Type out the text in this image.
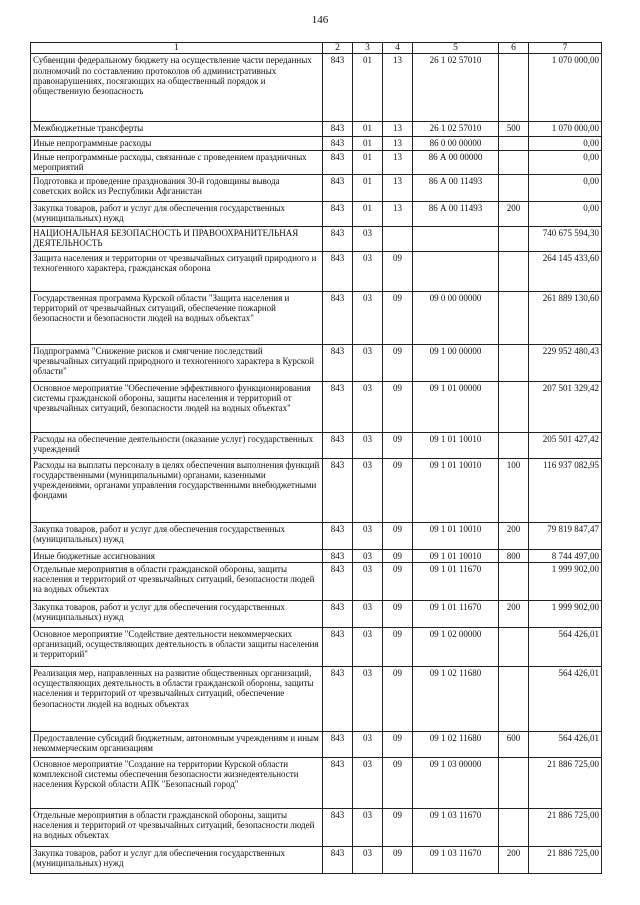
146
1	2	3	4	5	6	7
Субвенции федеральному бюджету на осуществление части переданных полномочий по составлению протоколов об административных правонарушениях, посягающих на общественный порядок и общественную безопасность	843	01	13	26 1 02 57010		1 070 000,00
Межбюджетные трансферты	843	01	13	26 1 02 57010	500	1 070 000,00
Иные непрограммные расходы	843	01	13	86 0 00 00000		0,00
Иные непрограммные расходы, связанные с проведением праздничных мероприятий	843	01	13	86 А 00 00000		0,00
Подготовка и проведение празднования 30-й годовщины вывода советских войск из Республики Афганистан	843	01	13	86 А 00 11493		0,00
Закупка товаров, работ и услуг для обеспечения государственных (муниципальных) нужд	843	01	13	86 А 00 11493	200	0,00
НАЦИОНАЛЬНАЯ БЕЗОПАСНОСТЬ И ПРАВООХРАНИТЕЛЬНАЯ ДЕЯТЕЛЬНОСТЬ	843	03				740 675 594,30
Защита населения и территории от чрезвычайных ситуаций природного и техногенного характера, гражданская оборона	843	03	09			264 145 433,60
Государственная программа Курской области "Защита населения и территорий от чрезвычайных ситуаций, обеспечение пожарной безопасности и безопасности людей на водных объектах"	843	03	09	09 0 00 00000		261 889 130,60
Подпрограмма "Снижение рисков и смягчение последствий чрезвычайных ситуаций природного и техногенного характера в Курской области"	843	03	09	09 1 00 00000		229 952 480,43
Основное мероприятие "Обеспечение эффективного функционирования системы гражданской обороны, защиты населения и территорий от чрезвычайных ситуаций, безопасности людей на водных объектах"	843	03	09	09 1 01 00000		207 501 329,42
Расходы на обеспечение деятельности (оказание услуг) государственных учреждений	843	03	09	09 1 01 10010		205 501 427,42
Расходы на выплаты персоналу в целях обеспечения выполнения функций государственными (муниципальными) органами, казенными учреждениями, органами управления государственными внебюджетными фондами	843	03	09	09 1 01 10010	100	116 937 082,95
Закупка товаров, работ и услуг для обеспечения государственных (муниципальных) нужд	843	03	09	09 1 01 10010	200	79 819 847,47
Иные бюджетные ассигнования	843	03	09	09 1 01 10010	800	8 744 497,00
Отдельные мероприятия в области гражданской обороны, защиты населения и территорий от чрезвычайных ситуаций, безопасности людей на водных объектах	843	03	09	09 1 01 11670		1 999 902,00
Закупка товаров, работ и услуг для обеспечения государственных (муниципальных) нужд	843	03	09	09 1 01 11670	200	1 999 902,00
Основное мероприятие "Содействие деятельности некоммерческих организаций, осуществляющих деятельность в области защиты населения и территорий"	843	03	09	09 1 02 00000		564 426,01
Реализация мер, направленных на развитие общественных организаций, осуществляющих деятельность в области гражданской обороны, защиты населения и территорий от чрезвычайных ситуаций, обеспечение безопасности людей на водных объектах	843	03	09	09 1 02 11680		564 426,01
Предоставление субсидий бюджетным, автономным учреждениям и иным некоммерческим организациям	843	03	09	09 1 02 11680	600	564 426,01
Основное мероприятие "Создание на территории Курской области комплексной системы обеспечения безопасности жизнедеятельности населения Курской области АПК "Безопасный город"	843	03	09	09 1 03 00000		21 886 725,00
Отдельные мероприятия в области гражданской обороны, защиты населения и территорий от чрезвычайных ситуаций, безопасности людей на водных объектах	843	03	09	09 1 03 11670		21 886 725,00
Закупка товаров, работ и услуг для обеспечения государственных (муниципальных) нужд	843	03	09	09 1 03 11670	200	21 886 725,00
